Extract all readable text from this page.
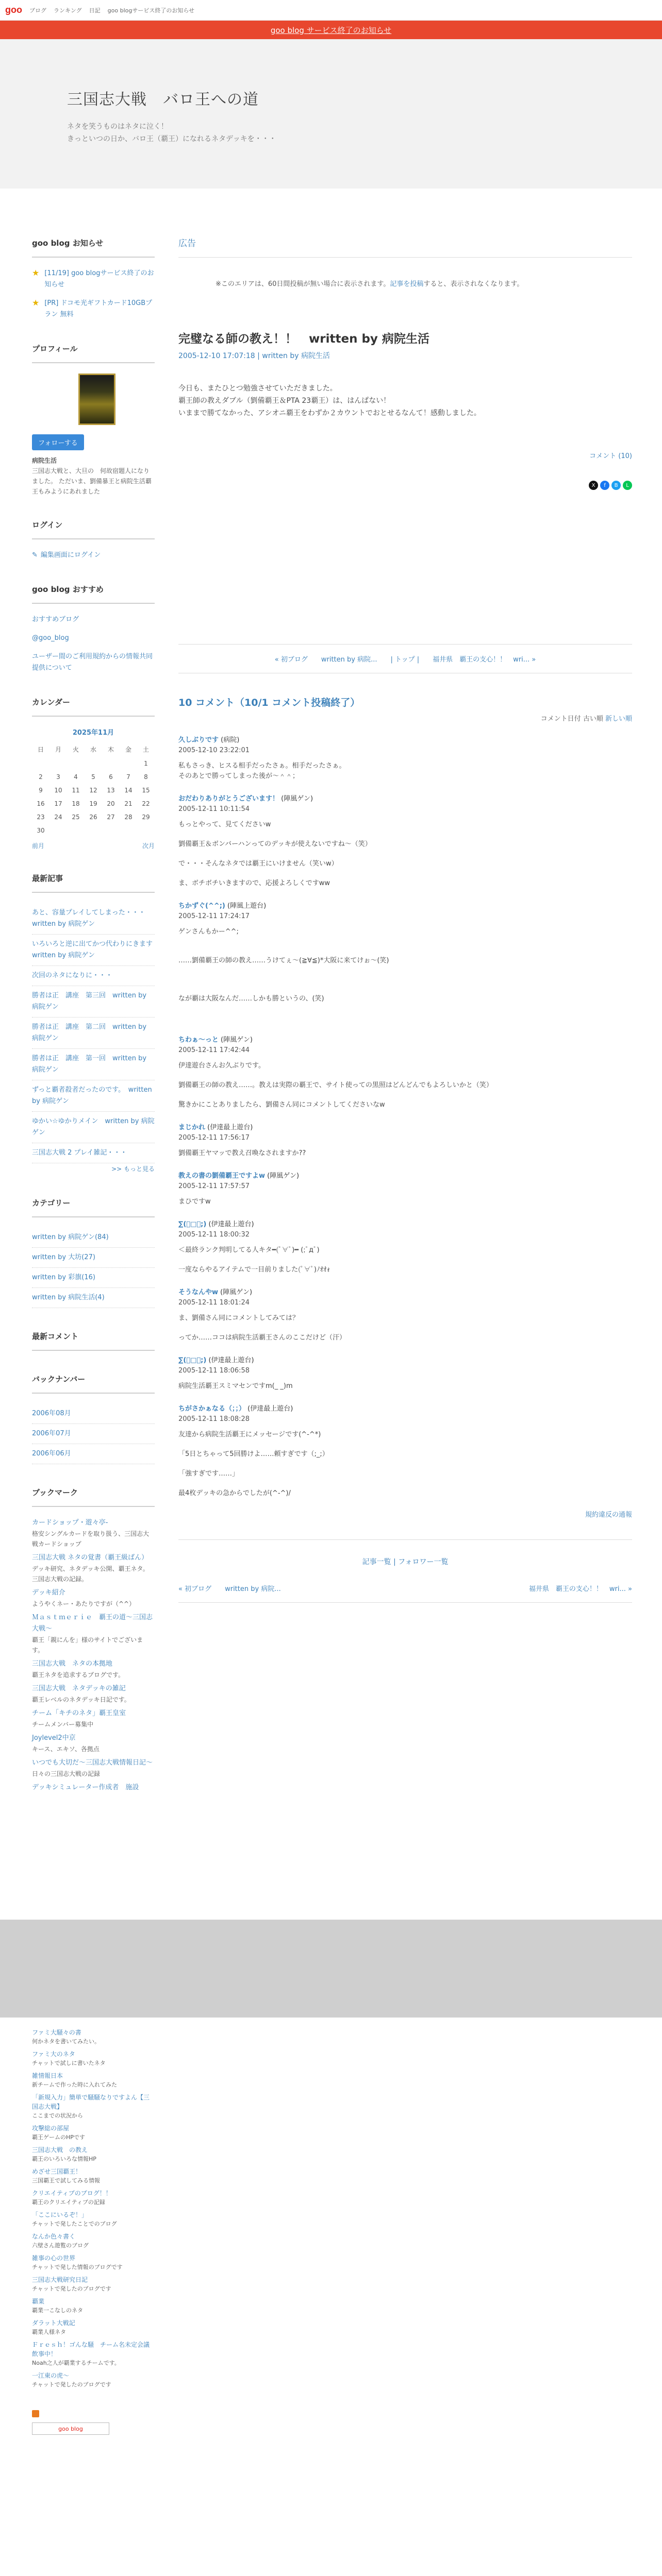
goo ブログ ランキング 日記 goo blogサービス終了のお知らせ
goo blog サービス終了のお知らせ
三国志大戦　バロ王への道
ネタを笑うものはネタに泣く！
きっといつの日か、バロ王（覇王）になれるネタデッキを・・・
goo blog お知らせ
★ [11/19] goo blogサービス終了のお知らせ
★ [PR] ドコモ光ギフトカード10GBプラン 無料
プロフィール
フォローする
病院生活
三国志大戦と、大旦の　何故宿題人になりました。 ただいま、劉備暴王と病院生活覇王もみようにあれました
ログイン
✎ 編集画面にログイン
goo blog おすすめ
おすすめブログ
@goo_blog
ユーザー間のご利用規約からの情報共同提供について
カレンダー
2025年11月
日	月	火	水	木	金	土
						1
2	3	4	5	6	7	8
9	10	11	12	13	14	15
16	17	18	19	20	21	22
23	24	25	26	27	28	29
30						
前月	次月
最新記事
あと、容量プレイしてしまった・・・　written by 病院ゲン
いろいろと逆に出てかつ代わりにきます　written by 病院ゲン
次回のネタになりに・・・
勝者は正　講座　第三回　written by 病院ゲン
勝者は正　講座　第二回　written by 病院ゲン
勝者は正　講座　第一回　written by 病院ゲン
ずっと覇者殺者だったのです。　written by 病院ゲン
ゆかい☆ゆかりメイン　written by 病院ゲン
三国志大戦 2 プレイ雑記・・・
>> もっと見る
カテゴリー
written by 病院ゲン(84)
written by 大坊(27)
written by 彩旗(16)
written by 病院生活(4)
最新コメント
バックナンバー
2006年08月
2006年07月
2006年06月
ブックマーク
カードショップ・遊々亭-
格安シングルカードを取り扱う、三国志大戦カードショップ
三国志大戦 ネタの覚書（覇王級ばん）
デッキ研究、ネタデッキ公開、覇王ネタ。三国志大戦の記録。
デッキ紹介
ようやくネー・あたりですが（^^）
Ｍａｓｔｍｅｒｉｅ　覇王の道〜三国志大戦〜
覇王「親にんを」様のサイトでございます。
三国志大戦　ネタの本拠地
覇王ネタを追求するブログです。
三国志大戦　ネタデッキの雑記
覇王レベルのネタデッキ日記です。
チーム「キチのネタ」覇王皇室
チームメンバー募集中
Joylevel2中京
キース、エキソ、各拠点
いつでも大切だ〜三国志大戦情報日記〜
日々の三国志大戦の記録
デッキシミュレーター作成者　施設
広告
※このエリアは、60日間投稿が無い場合に表示されます。記事を投稿すると、表示されなくなります。
完璧なる師の教え！！　written by 病院生活
2005-12-10 17:07:18 | written by 病院生活
今日も、またひとつ勉強させていただきました。
覇王師の教えダブル（劉備覇王＆PTA 23覇王）は、はんぱない！
いままで勝てなかった、アシオニ覇王をわずか２カウントでおとせるなんて！感動しました。
コメント (10)
X	f	B	L
« 初ブログ written by 病院... | トップ | 福井県　覇王の支心！！　wri... »
10 コメント（10/1 コメント投稿終了）
コメント日付 古い順 新しい順
久しぶりです (病院)
2005-12-10 23:22:01
私もさっき、ヒスる相手だったさぁ。相手だったさぁ。
そのあとで勝ってしまった後が～＾＾；
おだわりありがとうございます！ (陣風ゲン)
2005-12-11 10:11:54
もっとやって、見てくださいw
劉備覇王＆ボンバーハンってのデッキが使えないですね～（笑）
で・・・そんなネタでは覇王にいけません（笑いw）
ま、ボチボチいきますので、応援よろしくですww
ちかずぐ(^^;) (陣風上遊台)
2005-12-11 17:24:17
ゲンさんもかー^^;
……劉備覇王の師の教え……うけてぇ〜(≧∀≦)*大阪に来てけぉ〜(笑)
なが覇は大阪なんだ……しかも勝というの、(笑)
ちわぁ〜っと (陣風ゲン)
2005-12-11 17:42:44
伊達遊台さんお久ぶりです。
劉備覇王の師の教え……。教えは実際の覇王で、サイト使っての黒照はどんどんでもよろしいかと（笑）
驚きかにことありましたら、劉備さん同にコメントしてくださいなw
まじかれ (伊達最上遊台)
2005-12-11 17:56:17
劉備覇王ヤマッで教え召喚なされますか??
教えの書の劉備覇王ですよw (陣風ゲン)
2005-12-11 17:57:57
まひですw
∑(ﾟ□ﾟ;) (伊達最上遊台)
2005-12-11 18:00:32
＜最終ランク判明してる人キタ━(ﾟ∀ﾟ)━ (;ﾟдﾟ)
一度ならやるアイテムで一目前りました(ﾟ∀ﾟ)ﾉｵｵｫ
そうなんやw (陣風ゲン)
2005-12-11 18:01:24
ま、劉備さん同にコメントしてみては？
ってか……ココは病院生活覇王さんのここだけど（汗）
∑(ﾟ□ﾟ;) (伊達最上遊台)
2005-12-11 18:06:58
病院生活覇王スミマセンですm(_ _)m
ちがさかぁなる（；；） (伊達最上遊台)
2005-12-11 18:08:28
友達から病院生活覇王にメッセージです(^-^*)
「5日とちゃって5回勝けよ……頼すぎです（;_;）
「強すぎです……」
最4枚デッキの急からでしたが(^-^)/
規約違反の通報
記事一覧 | フォロワー一覧
« 初ブログ　　written by 病院...	福井県　覇王の支心！！　wri... »
ファミ大騒々の書
何かネタを書いてみたい。
ファミ大のネタ
チャットで試しに書いたネタ
雑情報日本
新チームで作った時に入れてみた
「新規入力」簡単で騒騒なりですよん【三国志大戦】
ここまでの状況から
攻撃総の部屋
覇王ゲームのHPです
三国志大戦　の教え
覇王のいろいろな情報HP
めざせ三国覇王！
三国覇王で試してみる情報
クリエイティブのブログ！！
覇王のクリエイティブの記録
「ここにいるぞ！」
チャットで発したことでのブログ
なんか色々書く
六壁さん遊覧のブログ
雑事の心の世界
チャットで発した情報のブログです
三国志大戦研究日記
チャットで発したのブログです
覇業
覇業一こなしのネタ
ダラット大戦記
覇業人様ネタ
Ｆｒｅｓｈ！ゴんな騒　チーム名未定会議飲事中！
Noah之人が覇業するチームです。
一江東の虎〜
チャットで発したのブログです
goo blog
